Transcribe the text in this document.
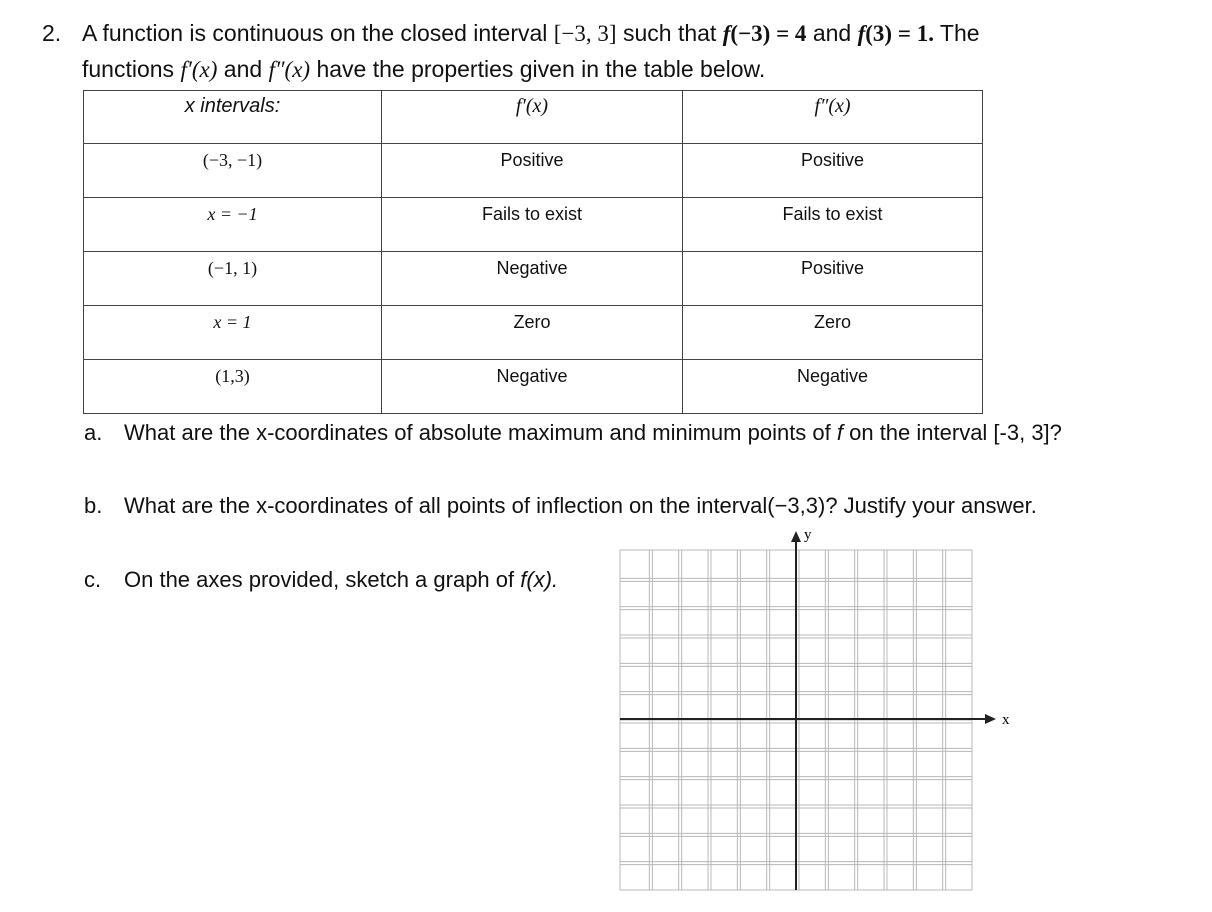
2. A function is continuous on the closed interval [−3, 3] such that f(−3) = 4 and f(3) = 1. The
functions f′(x) and f″(x) have the properties given in the table below.
x intervals:	f′(x)	f″(x)
(−3, −1)	Positive	Positive
x = −1	Fails to exist	Fails to exist
(−1, 1)	Negative	Positive
x = 1	Zero	Zero
(1,3)	Negative	Negative
a. What are the x-coordinates of absolute maximum and minimum points of f on the interval [-3, 3]?
b. What are the x-coordinates of all points of inflection on the interval(−3,3)? Justify your answer.
c. On the axes provided, sketch a graph of f(x).
x
y
